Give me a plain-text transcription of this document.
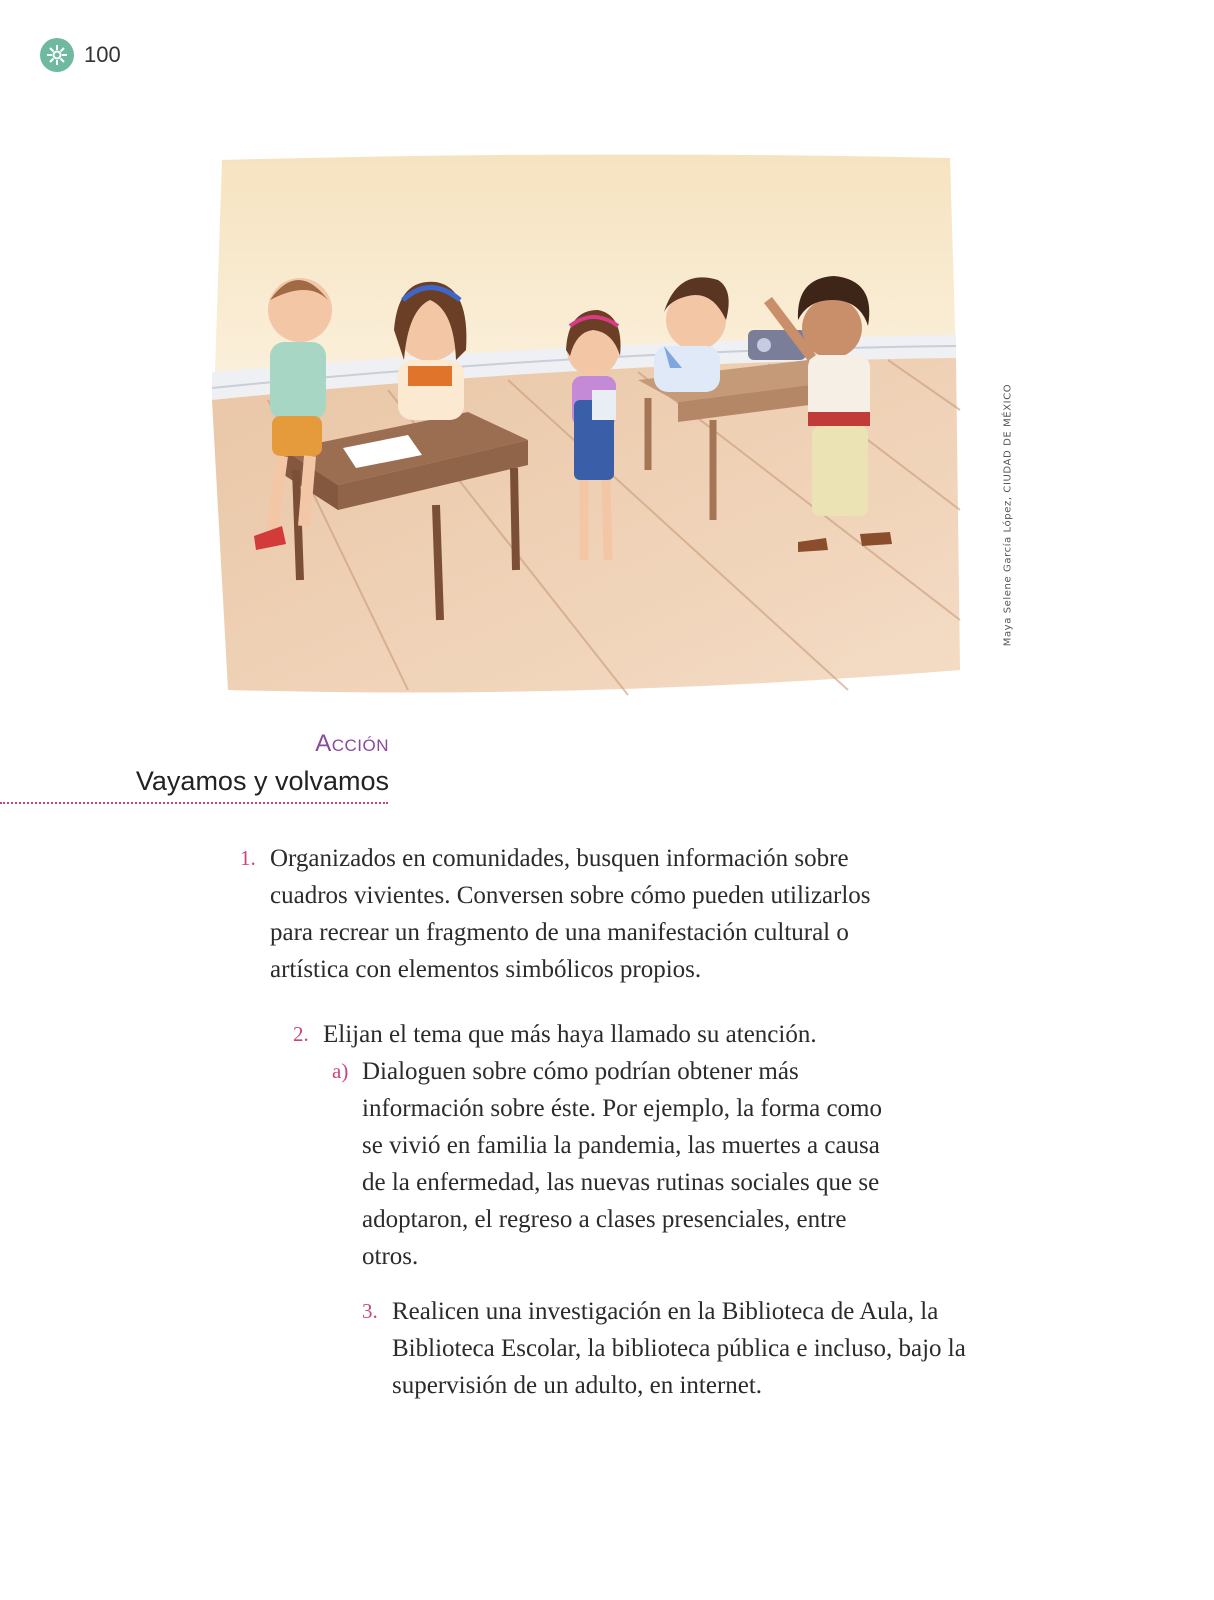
100
Maya Selene García López, CIUDAD DE MÉXICO
Acción
Vayamos y volvamos
1. Organizados en comunidades, busquen información sobre cuadros vivientes. Conversen sobre cómo pueden utilizarlos para recrear un fragmento de una manifestación cultural o artística con elementos simbólicos propios.

2. Elijan el tema que más haya llamado su atención.

a) Dialoguen sobre cómo podrían obtener más información sobre éste. Por ejemplo, la forma como se vivió en familia la pandemia, las muertes a causa de la enfermedad, las nuevas rutinas sociales que se adoptaron, el regreso a clases presenciales, entre otros.

3. Realicen una investigación en la Biblioteca de Aula, la Biblioteca Escolar, la biblioteca pública e incluso, bajo la supervisión de un adulto, en internet.
